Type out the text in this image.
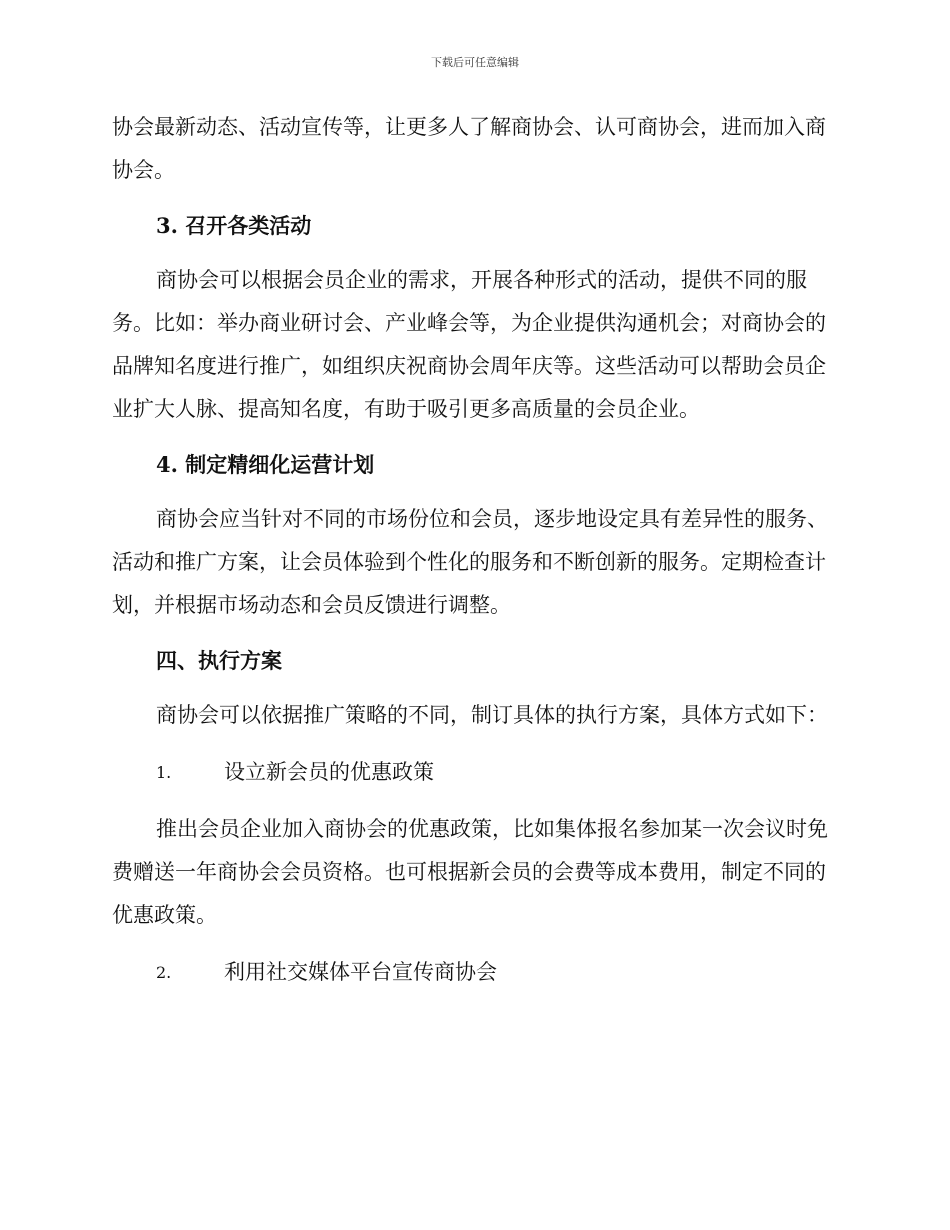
下载后可任意编辑

协会最新动态、活动宣传等，让更多人了解商协会、认可商协会，进而加入商协会。

3. 召开各类活动

商协会可以根据会员企业的需求，开展各种形式的活动，提供不同的服务。比如：举办商业研讨会、产业峰会等，为企业提供沟通机会；对商协会的品牌知名度进行推广，如组织庆祝商协会周年庆等。这些活动可以帮助会员企业扩大人脉、提高知名度，有助于吸引更多高质量的会员企业。

4. 制定精细化运营计划

商协会应当针对不同的市场份位和会员，逐步地设定具有差异性的服务、活动和推广方案，让会员体验到个性化的服务和不断创新的服务。定期检查计划，并根据市场动态和会员反馈进行调整。

四、执行方案

商协会可以依据推广策略的不同，制订具体的执行方案，具体方式如下：

1.	设立新会员的优惠政策

推出会员企业加入商协会的优惠政策，比如集体报名参加某一次会议时免费赠送一年商协会会员资格。也可根据新会员的会费等成本费用，制定不同的优惠政策。

2.	利用社交媒体平台宣传商协会
